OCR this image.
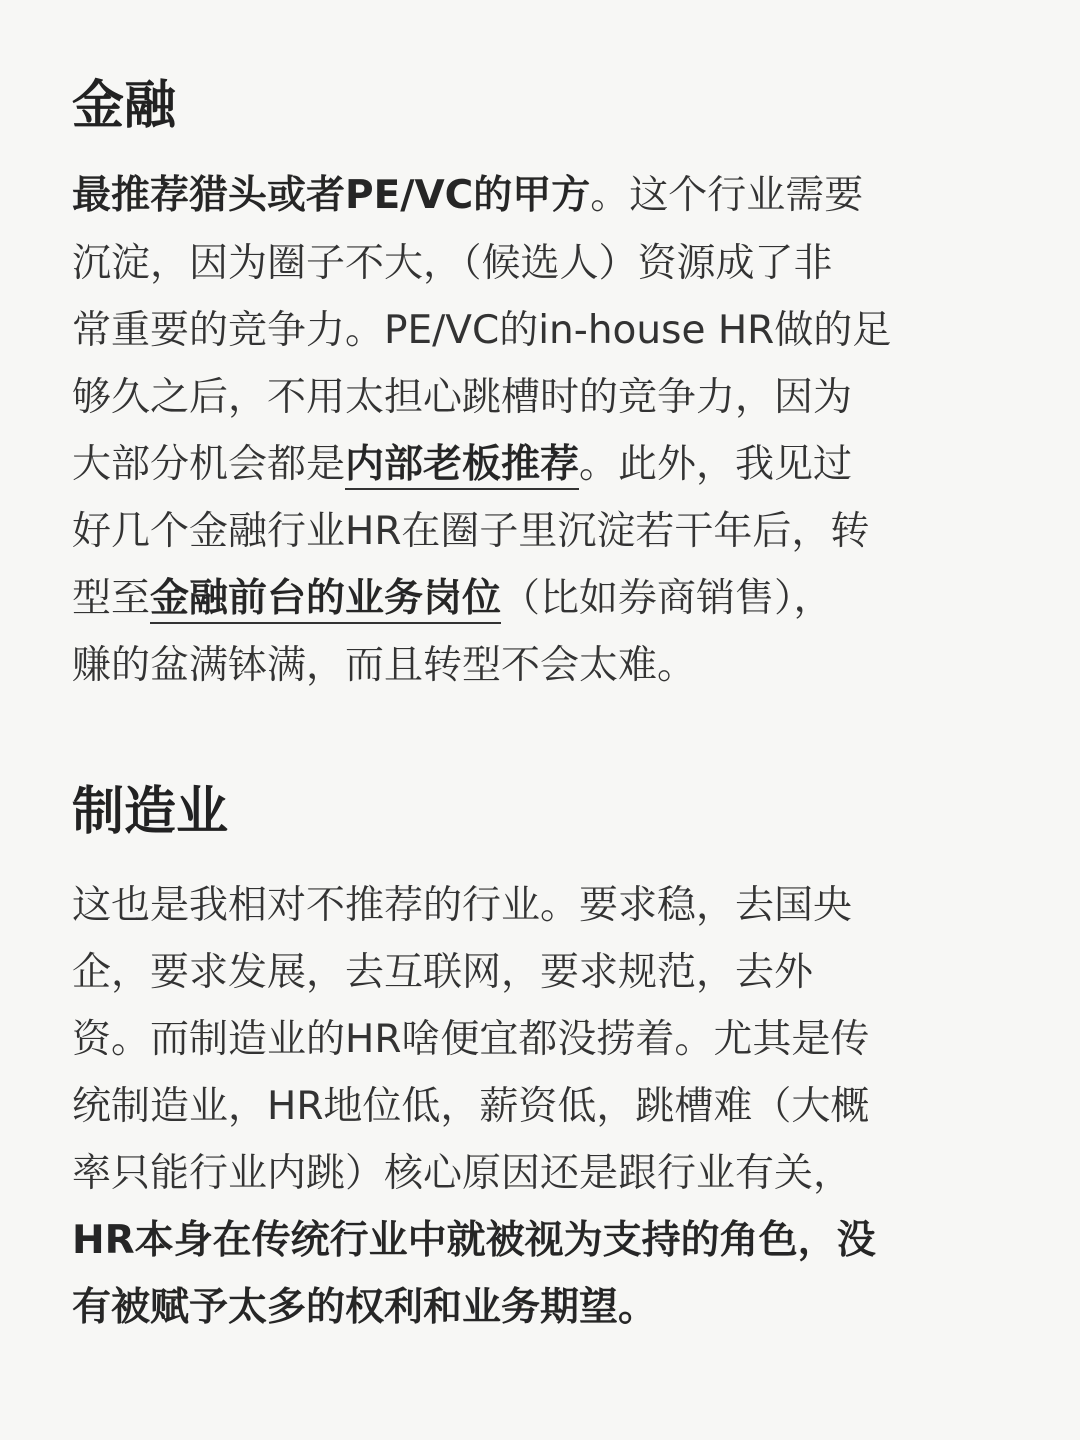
金融
最推荐猎头或者PE/VC的甲方。这个行业需要
沉淀，因为圈子不大，（候选人）资源成了非
常重要的竞争力。PE/VC的in-house HR做的足
够久之后，不用太担心跳槽时的竞争力，因为
大部分机会都是内部老板推荐。此外，我见过
好几个金融行业HR在圈子里沉淀若干年后，转
型至金融前台的业务岗位（比如券商销售），
赚的盆满钵满，而且转型不会太难。
制造业
这也是我相对不推荐的行业。要求稳，去国央
企，要求发展，去互联网，要求规范，去外
资。而制造业的HR啥便宜都没捞着。尤其是传
统制造业，HR地位低，薪资低，跳槽难（大概
率只能行业内跳）核心原因还是跟行业有关，
HR本身在传统行业中就被视为支持的角色，没
有被赋予太多的权利和业务期望。
